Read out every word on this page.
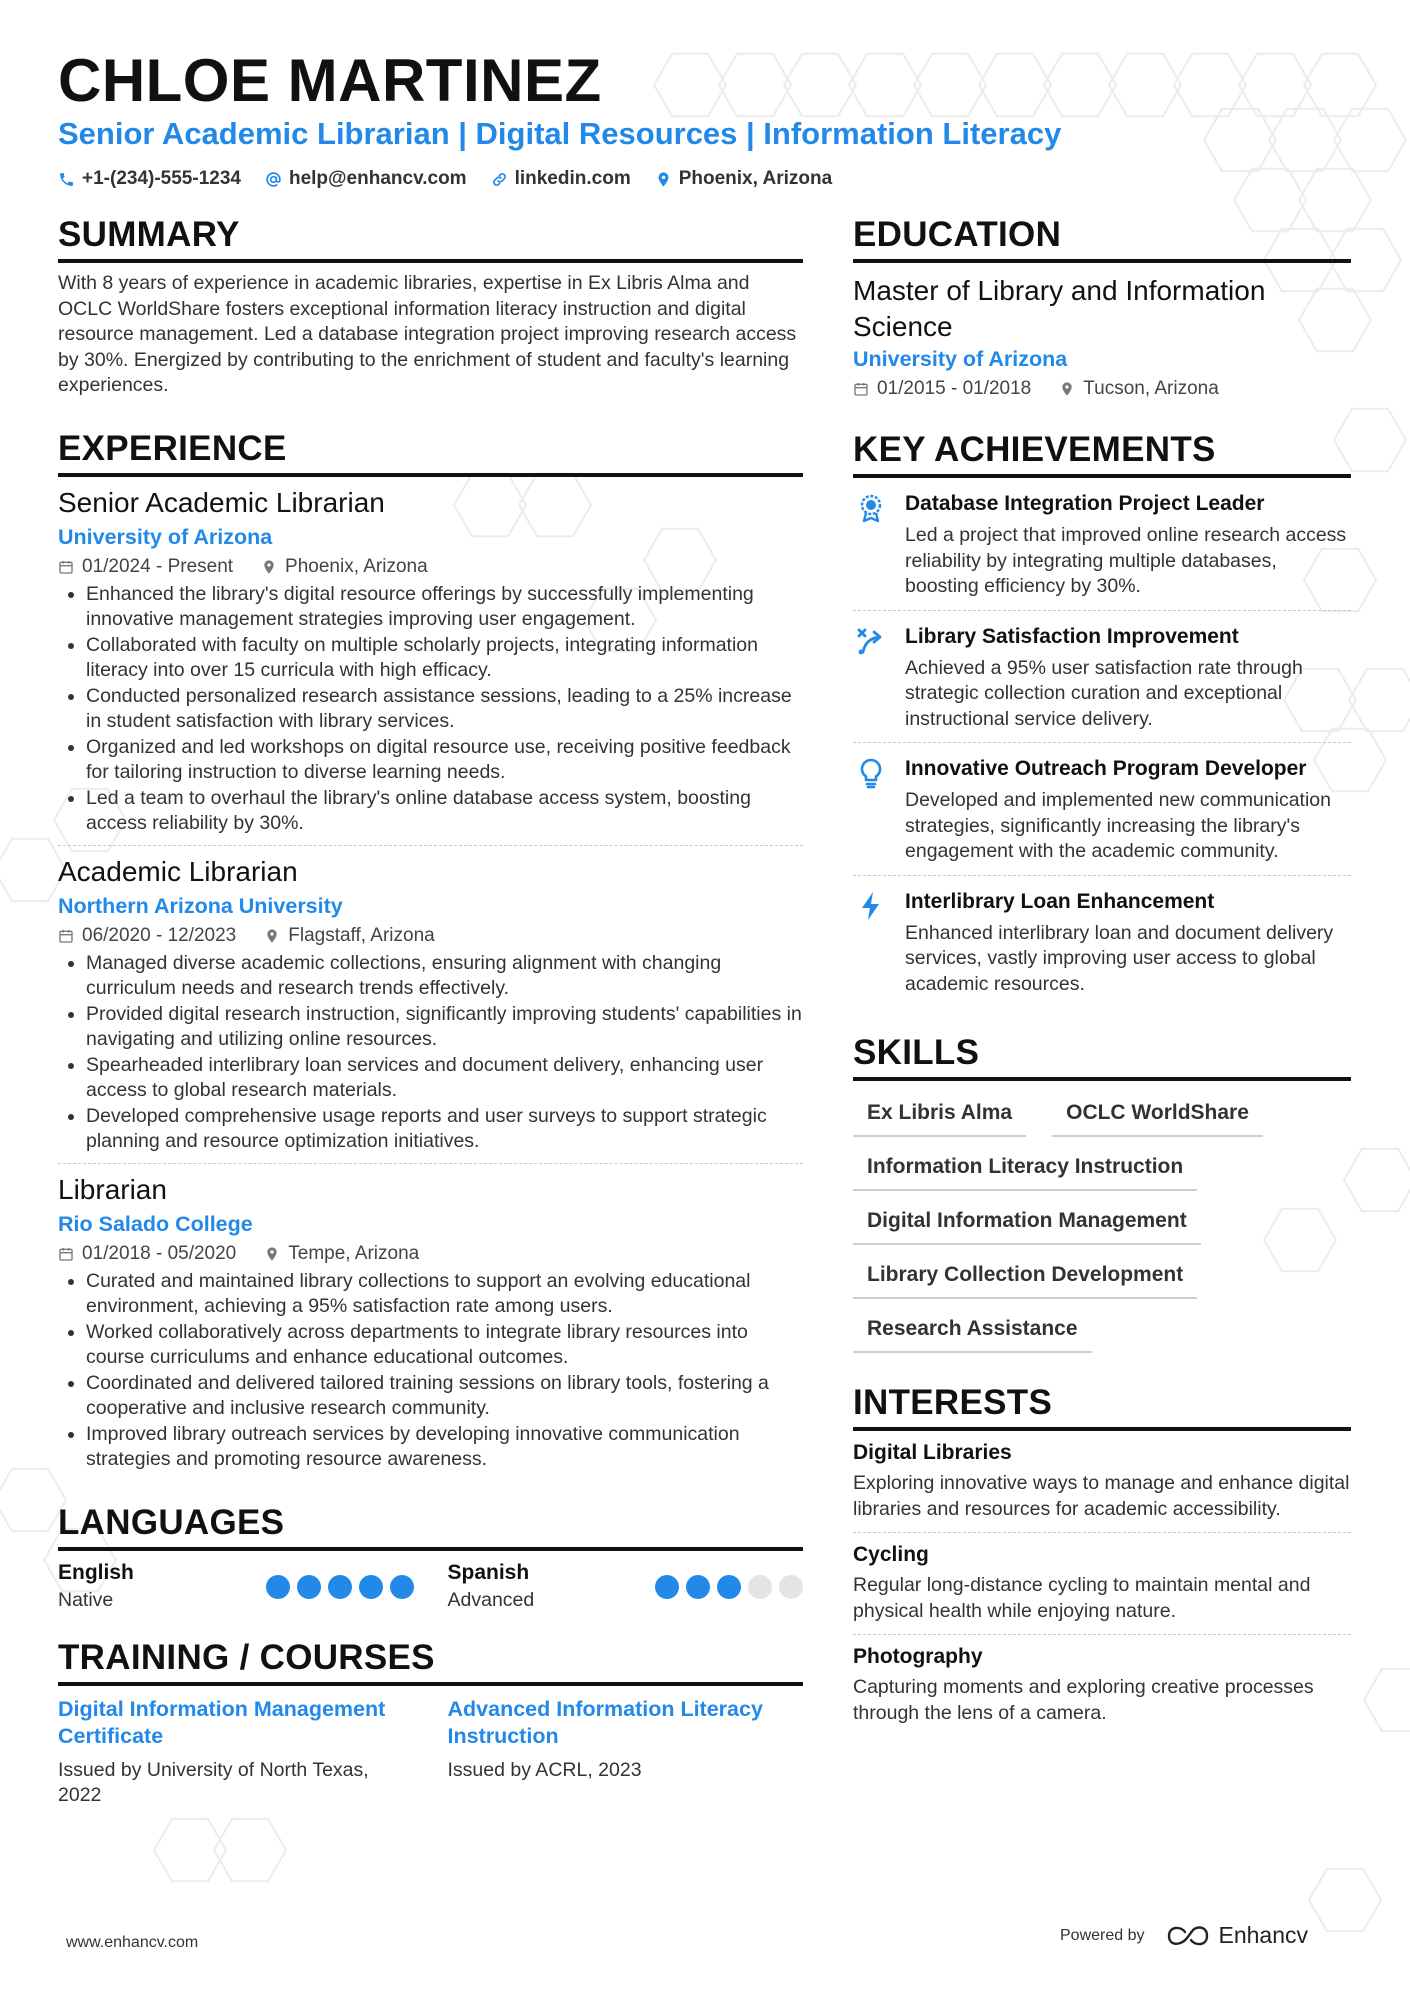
CHLOE MARTINEZ
Senior Academic Librarian | Digital Resources | Information Literacy
+1-(234)-555-1234	help@enhancv.com	linkedin.com	Phoenix, Arizona
SUMMARY
With 8 years of experience in academic libraries, expertise in Ex Libris Alma and OCLC WorldShare fosters exceptional information literacy instruction and digital resource management. Led a database integration project improving research access by 30%. Energized by contributing to the enrichment of student and faculty's learning experiences.
EXPERIENCE
Senior Academic Librarian
University of Arizona
01/2024 - Present	Phoenix, Arizona
• Enhanced the library's digital resource offerings by successfully implementing innovative management strategies improving user engagement.
• Collaborated with faculty on multiple scholarly projects, integrating information literacy into over 15 curricula with high efficacy.
• Conducted personalized research assistance sessions, leading to a 25% increase in student satisfaction with library services.
• Organized and led workshops on digital resource use, receiving positive feedback for tailoring instruction to diverse learning needs.
• Led a team to overhaul the library's online database access system, boosting access reliability by 30%.
Academic Librarian
Northern Arizona University
06/2020 - 12/2023	Flagstaff, Arizona
• Managed diverse academic collections, ensuring alignment with changing curriculum needs and research trends effectively.
• Provided digital research instruction, significantly improving students' capabilities in navigating and utilizing online resources.
• Spearheaded interlibrary loan services and document delivery, enhancing user access to global research materials.
• Developed comprehensive usage reports and user surveys to support strategic planning and resource optimization initiatives.
Librarian
Rio Salado College
01/2018 - 05/2020	Tempe, Arizona
• Curated and maintained library collections to support an evolving educational environment, achieving a 95% satisfaction rate among users.
• Worked collaboratively across departments to integrate library resources into course curriculums and enhance educational outcomes.
• Coordinated and delivered tailored training sessions on library tools, fostering a cooperative and inclusive research community.
• Improved library outreach services by developing innovative communication strategies and promoting resource awareness.
LANGUAGES
English
Native
Spanish
Advanced
TRAINING / COURSES
Digital Information Management Certificate
Issued by University of North Texas, 2022
Advanced Information Literacy Instruction
Issued by ACRL, 2023
EDUCATION
Master of Library and Information Science
University of Arizona
01/2015 - 01/2018	Tucson, Arizona
KEY ACHIEVEMENTS
Database Integration Project Leader
Led a project that improved online research access reliability by integrating multiple databases, boosting efficiency by 30%.
Library Satisfaction Improvement
Achieved a 95% user satisfaction rate through strategic collection curation and exceptional instructional service delivery.
Innovative Outreach Program Developer
Developed and implemented new communication strategies, significantly increasing the library's engagement with the academic community.
Interlibrary Loan Enhancement
Enhanced interlibrary loan and document delivery services, vastly improving user access to global academic resources.
SKILLS
Ex Libris Alma	OCLC WorldShare
Information Literacy Instruction
Digital Information Management
Library Collection Development
Research Assistance
INTERESTS
Digital Libraries
Exploring innovative ways to manage and enhance digital libraries and resources for academic accessibility.
Cycling
Regular long-distance cycling to maintain mental and physical health while enjoying nature.
Photography
Capturing moments and exploring creative processes through the lens of a camera.
www.enhancv.com	Powered by	Enhancv
